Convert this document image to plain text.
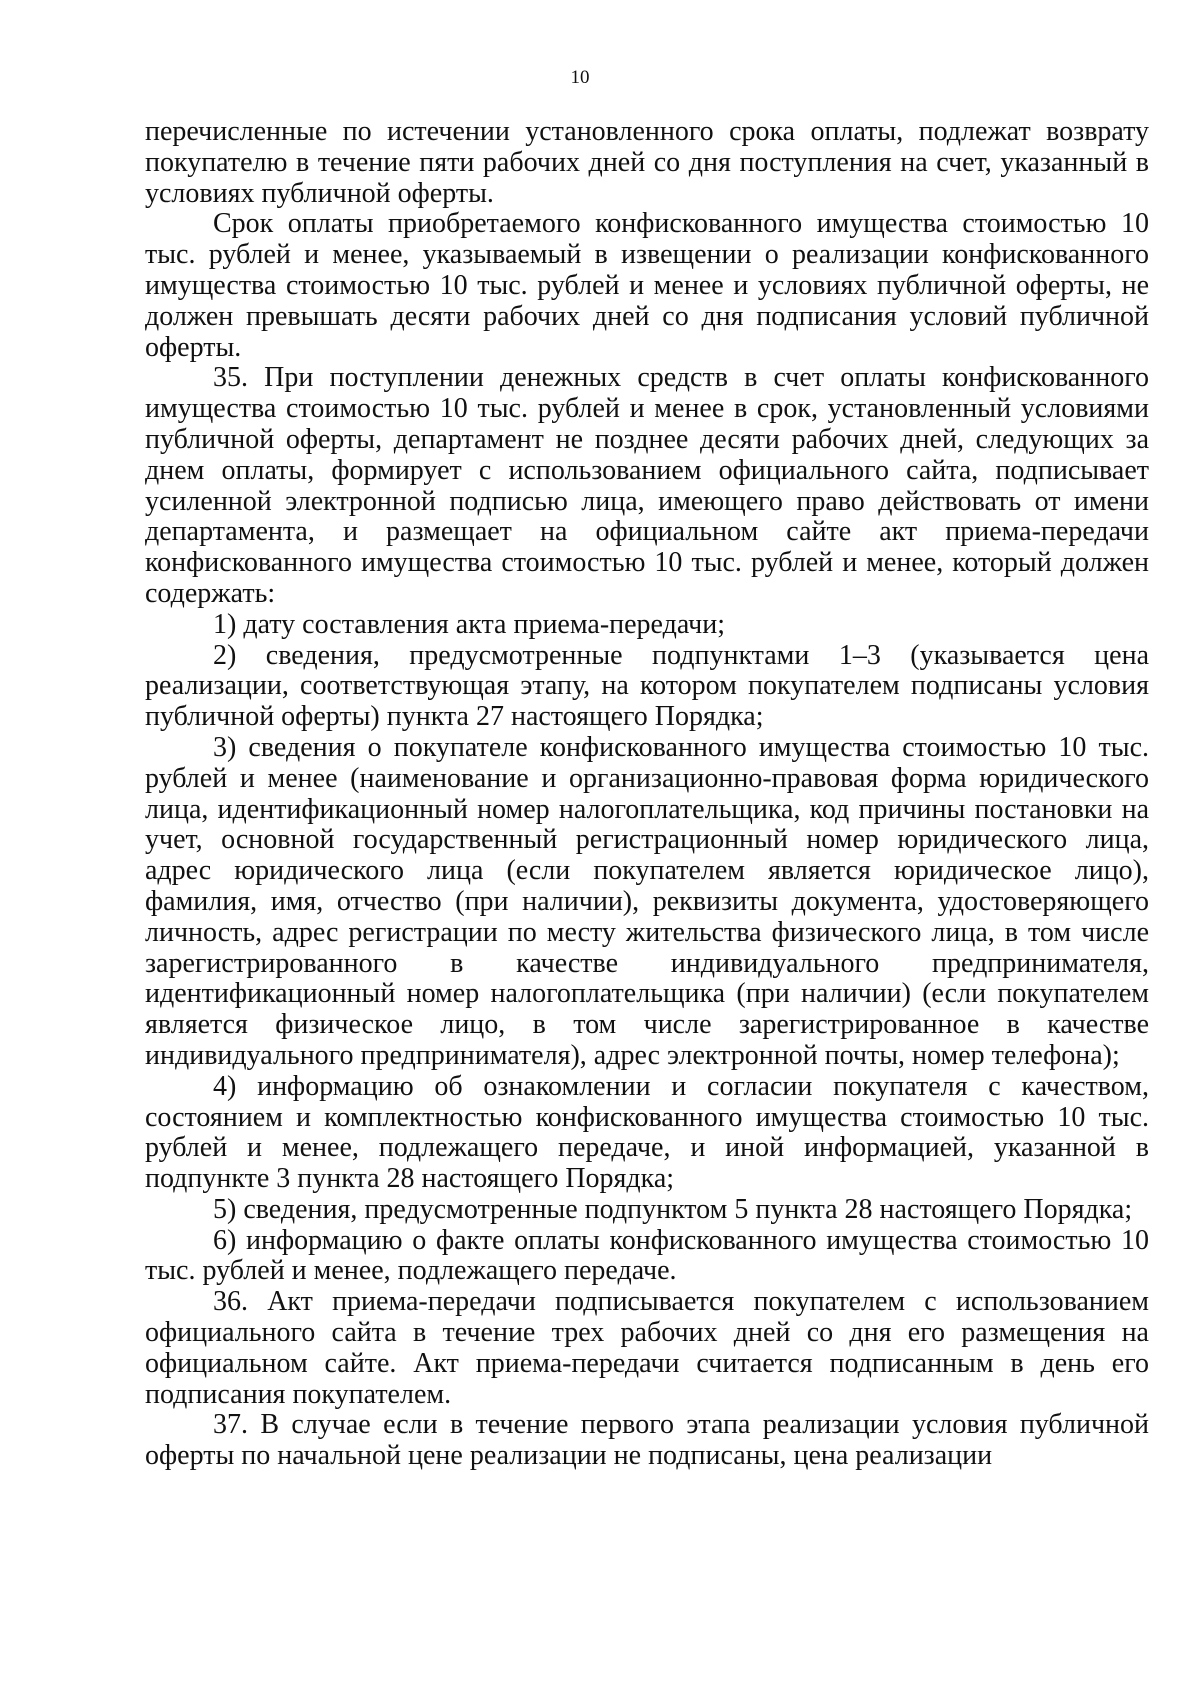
10

перечисленные по истечении установленного срока оплаты, подлежат возврату покупателю в течение пяти рабочих дней со дня поступления на счет, указанный в условиях публичной оферты.

Срок оплаты приобретаемого конфискованного имущества стоимостью 10 тыс. рублей и менее, указываемый в извещении о реализации конфискованного имущества стоимостью 10 тыс. рублей и менее и условиях публичной оферты, не должен превышать десяти рабочих дней со дня подписания условий публичной оферты.

35. При поступлении денежных средств в счет оплаты конфискованного имущества стоимостью 10 тыс. рублей и менее в срок, установленный условиями публичной оферты, департамент не позднее десяти рабочих дней, следующих за днем оплаты, формирует с использованием официального сайта, подписывает усиленной электронной подписью лица, имеющего право действовать от имени департамента, и размещает на официальном сайте акт приема-передачи конфискованного имущества стоимостью 10 тыс. рублей и менее, который должен содержать:

1) дату составления акта приема-передачи;

2) сведения, предусмотренные подпунктами 1–3 (указывается цена реализации, соответствующая этапу, на котором покупателем подписаны условия публичной оферты) пункта 27 настоящего Порядка;

3) сведения о покупателе конфискованного имущества стоимостью 10 тыс. рублей и менее (наименование и организационно-правовая форма юридического лица, идентификационный номер налогоплательщика, код причины постановки на учет, основной государственный регистрационный номер юридического лица, адрес юридического лица (если покупателем является юридическое лицо), фамилия, имя, отчество (при наличии), реквизиты документа, удостоверяющего личность, адрес регистрации по месту жительства физического лица, в том числе зарегистрированного в качестве индивидуального предпринимателя, идентификационный номер налогоплательщика (при наличии) (если покупателем является физическое лицо, в том числе зарегистрированное в качестве индивидуального предпринимателя), адрес электронной почты, номер телефона);

4) информацию об ознакомлении и согласии покупателя с качеством, состоянием и комплектностью конфискованного имущества стоимостью 10 тыс. рублей и менее, подлежащего передаче, и иной информацией, указанной в подпункте 3 пункта 28 настоящего Порядка;

5) сведения, предусмотренные подпунктом 5 пункта 28 настоящего Порядка;

6) информацию о факте оплаты конфискованного имущества стоимостью 10 тыс. рублей и менее, подлежащего передаче.

36. Акт приема-передачи подписывается покупателем с использованием официального сайта в течение трех рабочих дней со дня его размещения на официальном сайте. Акт приема-передачи считается подписанным в день его подписания покупателем.

37. В случае если в течение первого этапа реализации условия публичной оферты по начальной цене реализации не подписаны, цена реализации
